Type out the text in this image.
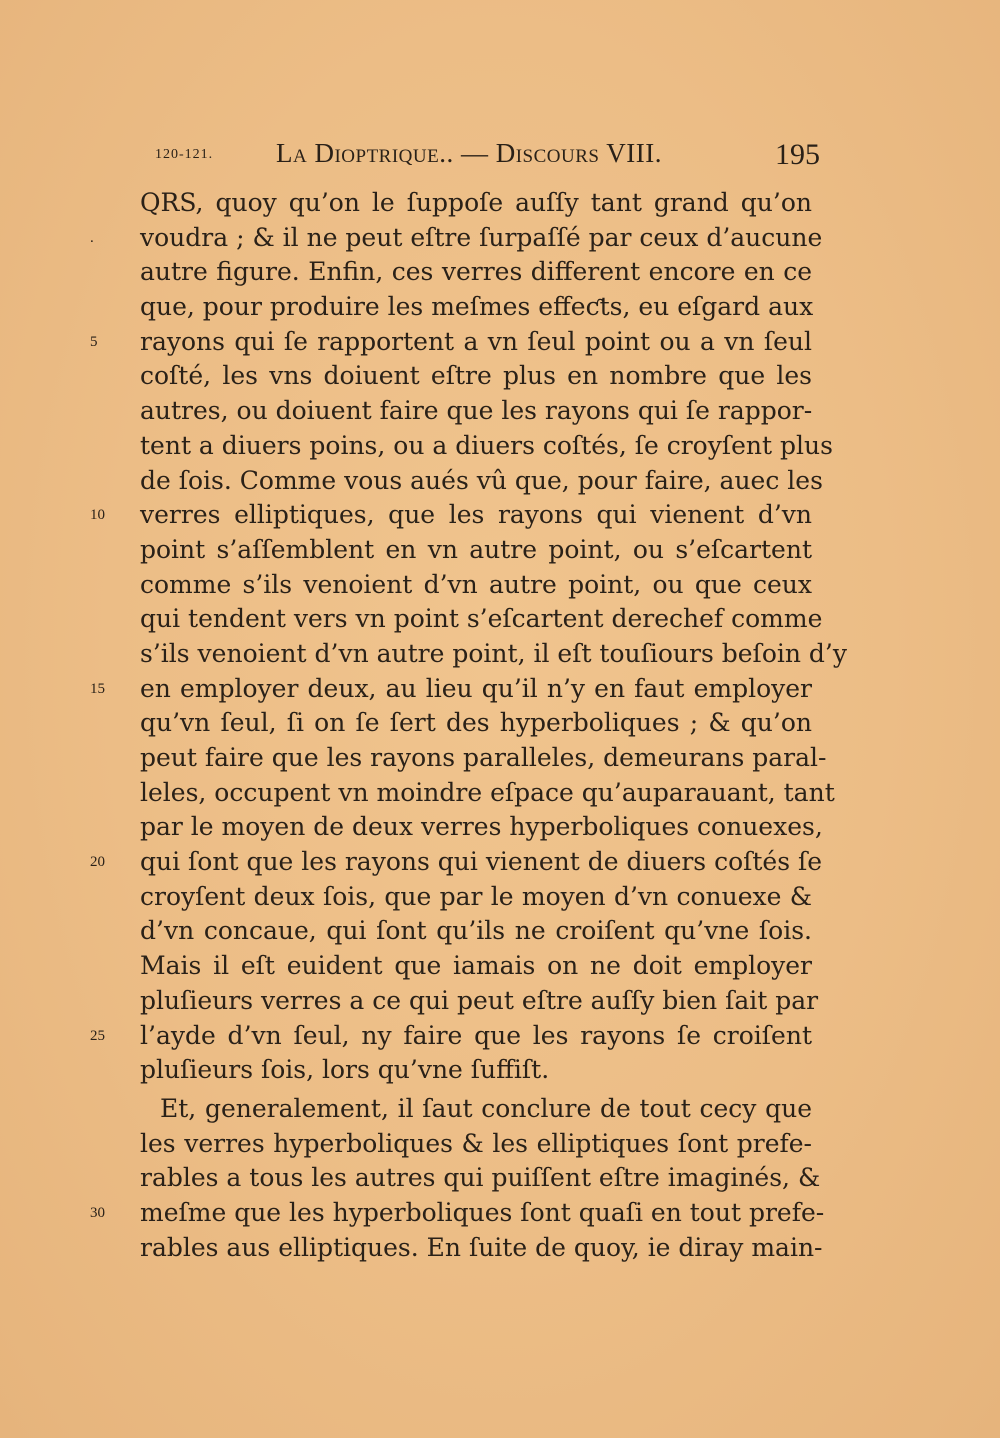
120-121. La Dioptrique.. — Discours VIII.	195
QRS, quoy qu’on le ſuppoſe auſſy tant grand qu’on
.	voudra ; & il ne peut eſtre ſurpaſſé par ceux d’aucune
autre figure. Enfin, ces verres different encore en ce
que, pour produire les meſmes effeƈts, eu eſgard aux
5	rayons qui ſe rapportent a vn ſeul point ou a vn ſeul
coſté, les vns doiuent eſtre plus en nombre que les
autres, ou doiuent faire que les rayons qui ſe rappor-
tent a diuers poins, ou a diuers coſtés, ſe croyſent plus
de ſois. Comme vous aués vû que, pour faire, auec les
10	verres elliptiques, que les rayons qui vienent d’vn
point s’aſſemblent en vn autre point, ou s’eſcartent
comme s’ils venoient d’vn autre point, ou que ceux
qui tendent vers vn point s’eſcartent derechef comme
s’ils venoient d’vn autre point, il eſt touſiours beſoin d’y
15	en employer deux, au lieu qu’il n’y en faut employer
qu’vn ſeul, ſi on ſe ſert des hyperboliques ; & qu’on
peut faire que les rayons paralleles, demeurans paral-
leles, occupent vn moindre eſpace qu’auparauant, tant
par le moyen de deux verres hyperboliques conuexes,
20	qui ſont que les rayons qui vienent de diuers coſtés ſe
croyſent deux ſois, que par le moyen d’vn conuexe &
d’vn concaue, qui ſont qu’ils ne croiſent qu’vne ſois.
Mais il eſt euident que iamais on ne doit employer
pluſieurs verres a ce qui peut eſtre auſſy bien ſait par
25	l’ayde d’vn ſeul, ny faire que les rayons ſe croiſent
pluſieurs ſois, lors qu’vne ſuffiſt.
Et, generalement, il ſaut conclure de tout cecy que
les verres hyperboliques & les elliptiques ſont prefe-
rables a tous les autres qui puiſſent eſtre imaginés, &
30	meſme que les hyperboliques ſont quaſi en tout prefe-
rables aus elliptiques. En ſuite de quoy, ie diray main-
